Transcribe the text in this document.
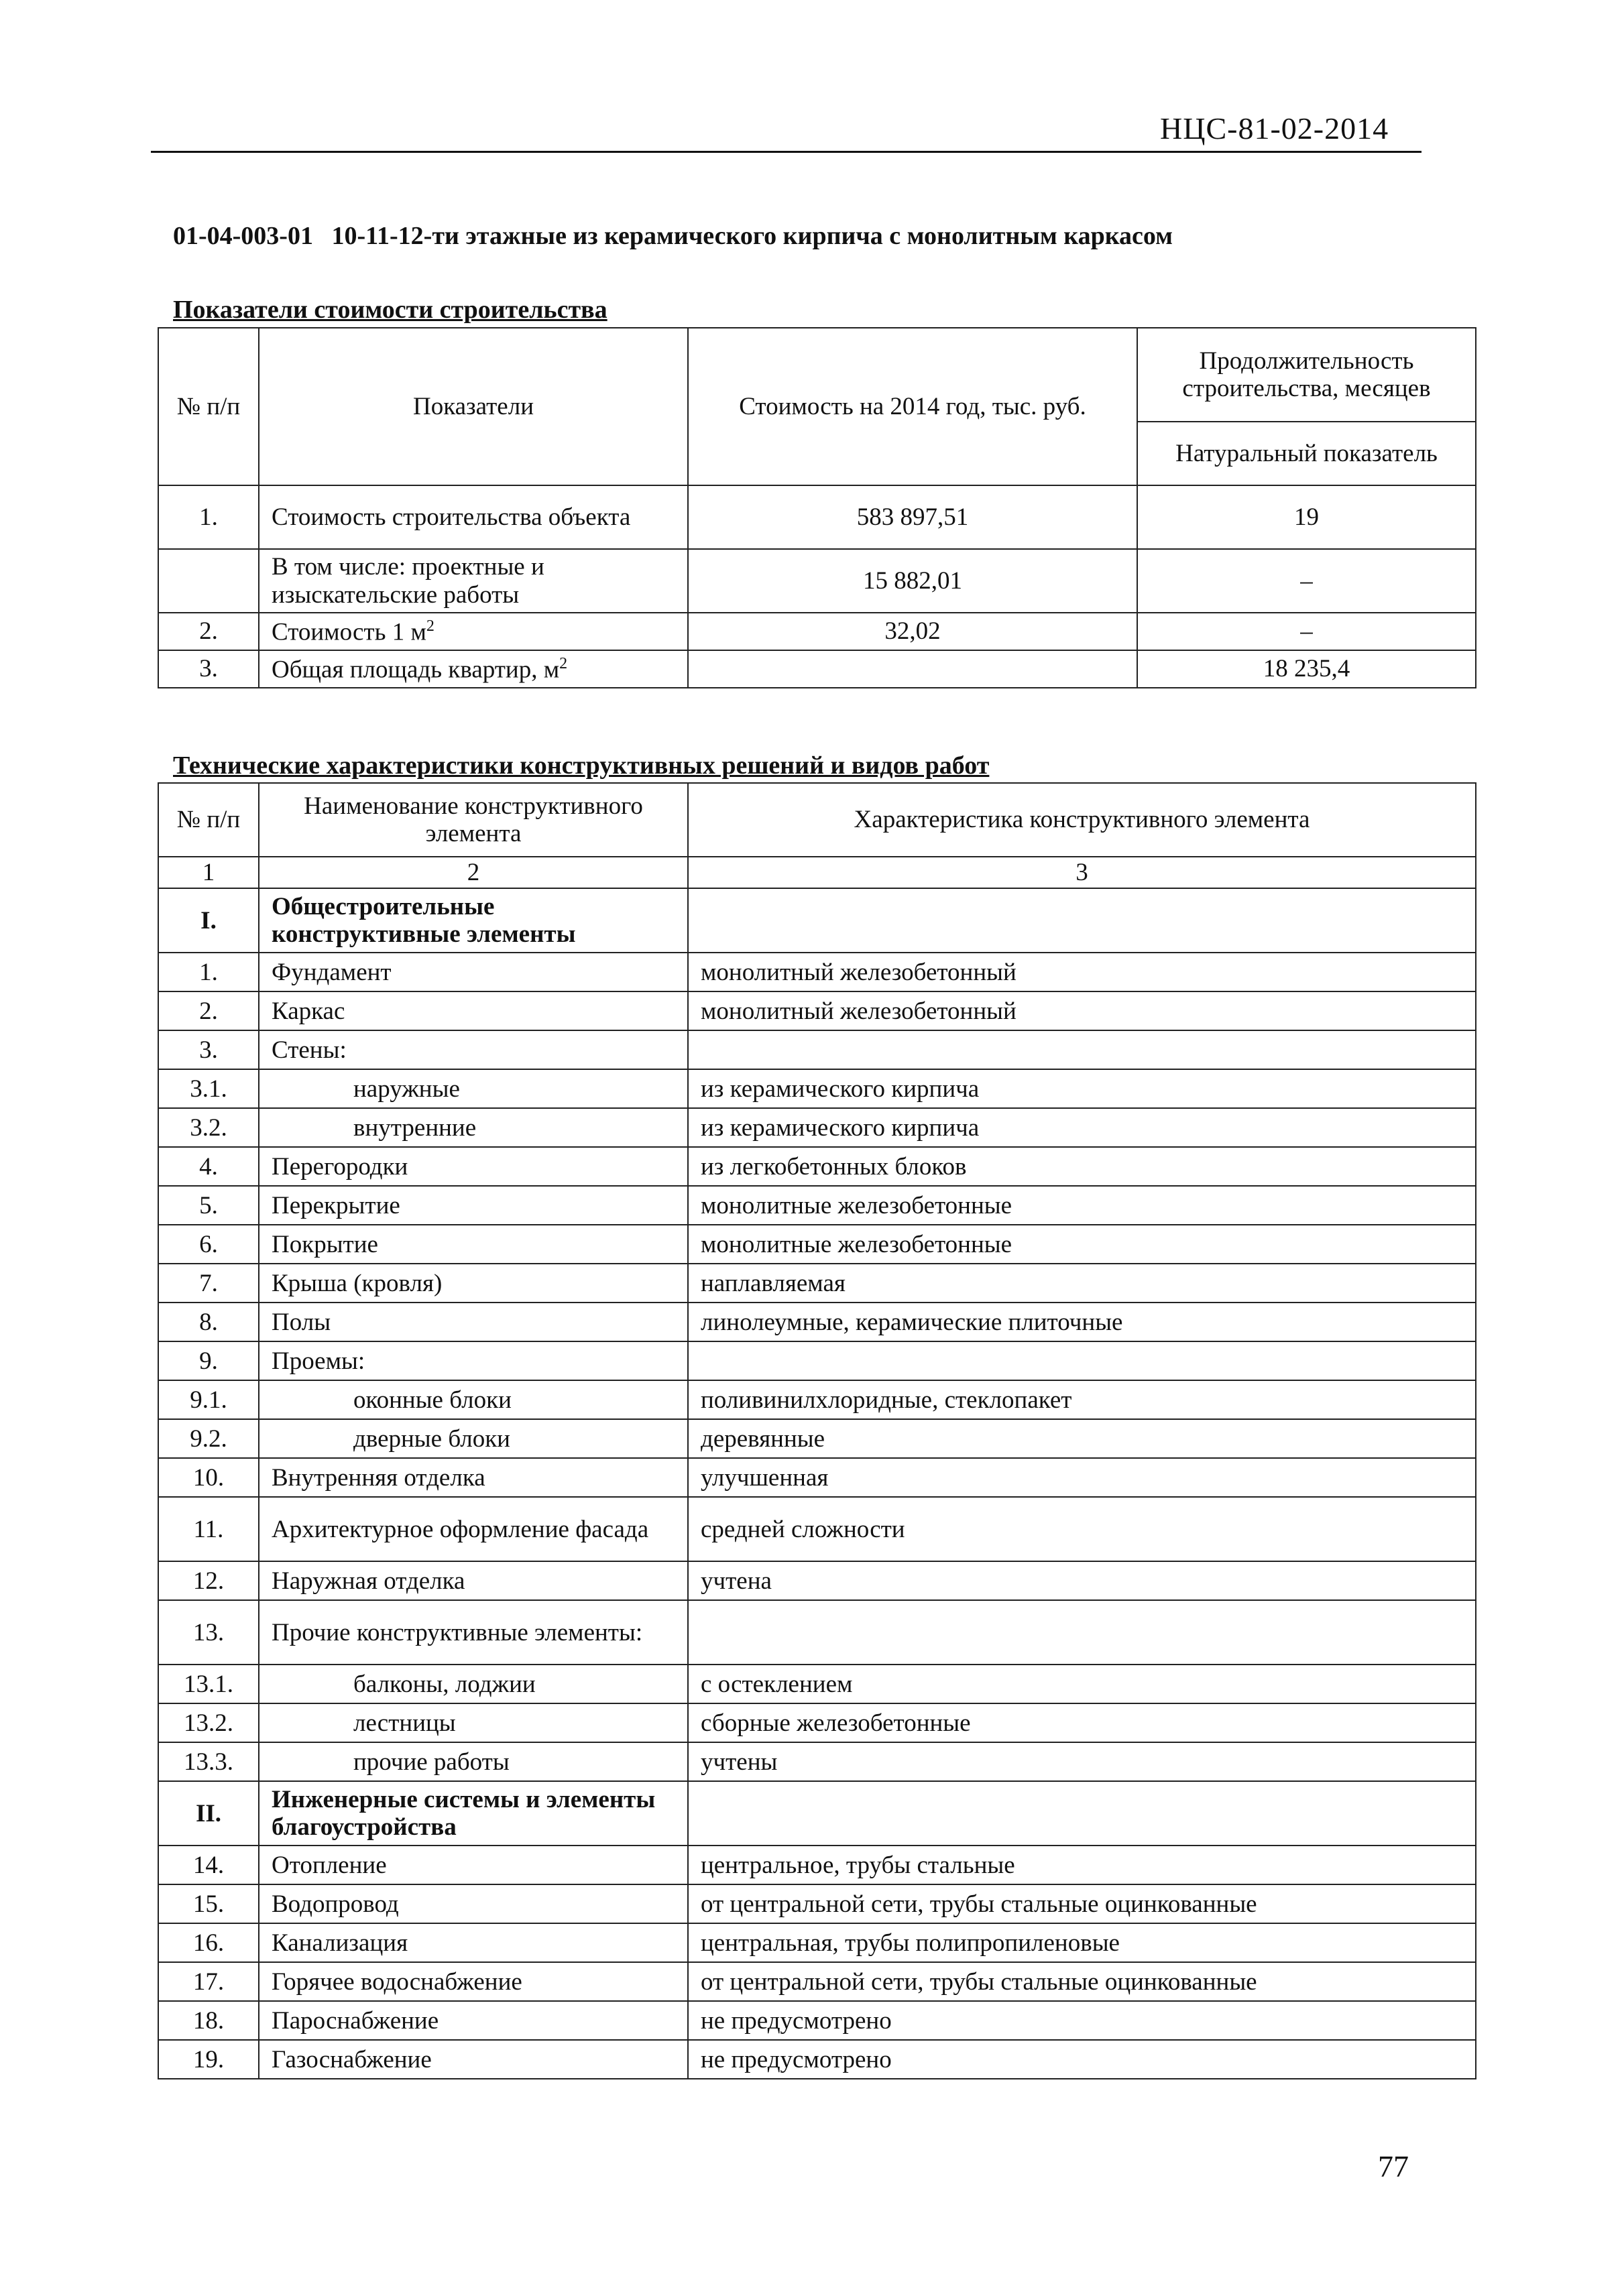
НЦС-81-02-2014
01-04-003-01 10-11-12-ти этажные из керамического кирпича с монолитным каркасом
Показатели стоимости строительства
№ п/п	Показатели	Стоимость на 2014 год, тыс. руб.	Продолжительность строительства, месяцев
			Натуральный показатель
1.	Стоимость строительства объекта	583 897,51	19
	В том числе: проектные и изыскательские работы	15 882,01	–
2.	Стоимость 1 $м^2$	32,02	–
3.	Общая площадь квартир, $м^2$		18 235,4
Технические характеристики конструктивных решений и видов работ
№ п/п	Наименование конструктивного элемента	Характеристика конструктивного элемента
1	2	3
I.	Общестроительные конструктивные элементы	
1.	Фундамент	монолитный железобетонный
2.	Каркас	монолитный железобетонный
3.	Стены:	
3.1.	наружные	из керамического кирпича
3.2.	внутренние	из керамического кирпича
4.	Перегородки	из легкобетонных блоков
5.	Перекрытие	монолитные железобетонные
6.	Покрытие	монолитные железобетонные
7.	Крыша (кровля)	наплавляемая
8.	Полы	линолеумные, керамические плиточные
9.	Проемы:	
9.1.	оконные блоки	поливинилхлоридные, стеклопакет
9.2.	дверные блоки	деревянные
10.	Внутренняя отделка	улучшенная
11.	Архитектурное оформление фасада	средней сложности
12.	Наружная отделка	учтена
13.	Прочие конструктивные элементы:	
13.1.	балконы, лоджии	с остеклением
13.2.	лестницы	сборные железобетонные
13.3.	прочие работы	учтены
II.	Инженерные системы и элементы благоустройства	
14.	Отопление	центральное, трубы стальные
15.	Водопровод	от центральной сети, трубы стальные оцинкованные
16.	Канализация	центральная, трубы полипропиленовые
17.	Горячее водоснабжение	от центральной сети, трубы стальные оцинкованные
18.	Пароснабжение	не предусмотрено
19.	Газоснабжение	не предусмотрено
77
